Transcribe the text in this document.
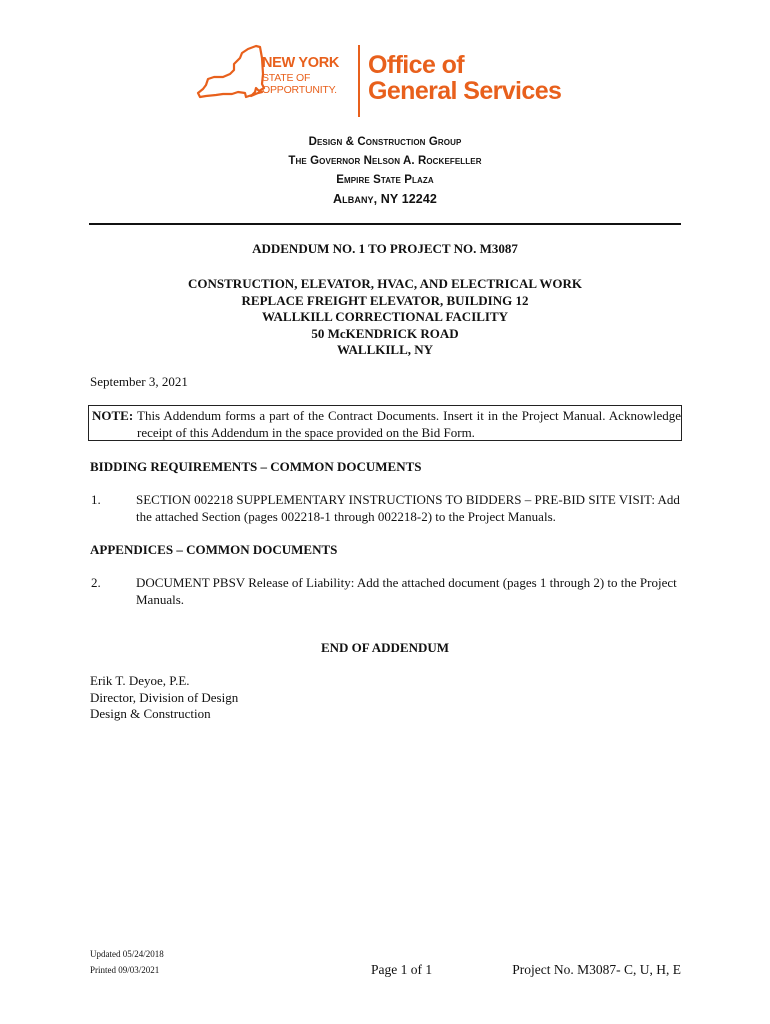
NEW YORK
STATE OF
OPPORTUNITY.
Office of
General Services
Design & Construction Group
The Governor Nelson A. Rockefeller
Empire State Plaza
Albany, NY 12242
ADDENDUM NO. 1 TO PROJECT NO. M3087
CONSTRUCTION, ELEVATOR, HVAC, AND ELECTRICAL WORK
REPLACE FREIGHT ELEVATOR, BUILDING 12
WALLKILL CORRECTIONAL FACILITY
50 McKENDRICK ROAD
WALLKILL, NY
September 3, 2021
NOTE: This Addendum forms a part of the Contract Documents. Insert it in the Project Manual. Acknowledge receipt of this Addendum in the space provided on the Bid Form.
BIDDING REQUIREMENTS – COMMON DOCUMENTS
1.	SECTION 002218 SUPPLEMENTARY INSTRUCTIONS TO BIDDERS – PRE-BID SITE VISIT: Add the attached Section (pages 002218-1 through 002218-2) to the Project Manuals.
APPENDICES – COMMON DOCUMENTS
2.	DOCUMENT PBSV Release of Liability: Add the attached document (pages 1 through 2) to the Project Manuals.
END OF ADDENDUM
Erik T. Deyoe, P.E.
Director, Division of Design
Design & Construction
Updated 05/24/2018
Printed 09/03/2021	Page 1 of 1	Project No. M3087- C, U, H, E
